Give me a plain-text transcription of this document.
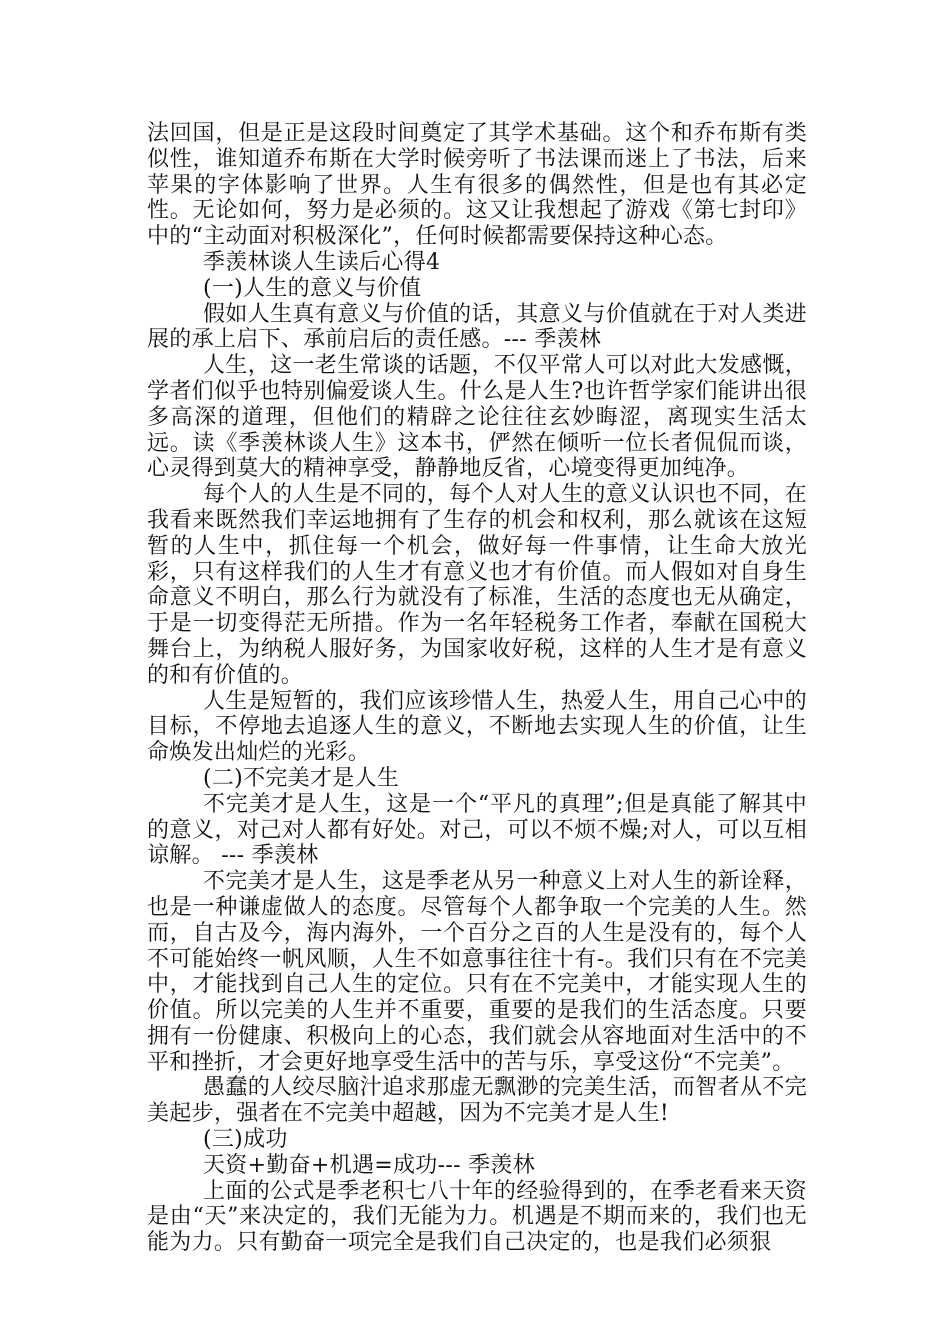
法回国，但是正是这段时间奠定了其学术基础。这个和乔布斯有类似性，谁知道乔布斯在大学时候旁听了书法课而迷上了书法，后来苹果的字体影响了世界。人生有很多的偶然性，但是也有其必定性。无论如何，努力是必须的。这又让我想起了游戏《第七封印》中的“主动面对积极深化”，任何时候都需要保持这种心态。

季羡林谈人生读后心得4

(一)人生的意义与价值

假如人生真有意义与价值的话，其意义与价值就在于对人类进展的承上启下、承前启后的责任感。--- 季羡林

人生，这一老生常谈的话题，不仅平常人可以对此大发感慨，学者们似乎也特别偏爱谈人生。什么是人生?也许哲学家们能讲出很多高深的道理，但他们的精辟之论往往玄妙晦涩，离现实生活太远。读《季羡林谈人生》这本书，俨然在倾听一位长者侃侃而谈，心灵得到莫大的精神享受，静静地反省，心境变得更加纯净。

每个人的人生是不同的，每个人对人生的意义认识也不同，在我看来既然我们幸运地拥有了生存的机会和权利，那么就该在这短暂的人生中，抓住每一个机会，做好每一件事情，让生命大放光彩，只有这样我们的人生才有意义也才有价值。而人假如对自身生命意义不明白，那么行为就没有了标准，生活的态度也无从确定，于是一切变得茫无所措。作为一名年轻税务工作者，奉献在国税大舞台上，为纳税人服好务，为国家收好税，这样的人生才是有意义的和有价值的。

人生是短暂的，我们应该珍惜人生，热爱人生，用自己心中的目标，不停地去追逐人生的意义，不断地去实现人生的价值，让生命焕发出灿烂的光彩。

(二)不完美才是人生

不完美才是人生，这是一个“平凡的真理”;但是真能了解其中的意义，对己对人都有好处。对己，可以不烦不燥;对人，可以互相谅解。 --- 季羡林

不完美才是人生，这是季老从另一种意义上对人生的新诠释，也是一种谦虚做人的态度。尽管每个人都争取一个完美的人生。然而，自古及今，海内海外，一个百分之百的人生是没有的，每个人不可能始终一帆风顺，人生不如意事往往十有-。我们只有在不完美中，才能找到自己人生的定位。只有在不完美中，才能实现人生的价值。所以完美的人生并不重要，重要的是我们的生活态度。只要拥有一份健康、积极向上的心态，我们就会从容地面对生活中的不平和挫折，才会更好地享受生活中的苦与乐，享受这份“不完美”。

愚蠢的人绞尽脑汁追求那虚无飘渺的完美生活，而智者从不完美起步，强者在不完美中超越，因为不完美才是人生!

(三)成功

天资+勤奋+机遇=成功--- 季羡林

上面的公式是季老积七八十年的经验得到的，在季老看来天资是由“天”来决定的，我们无能为力。机遇是不期而来的，我们也无能为力。只有勤奋一项完全是我们自己决定的，也是我们必须狠
